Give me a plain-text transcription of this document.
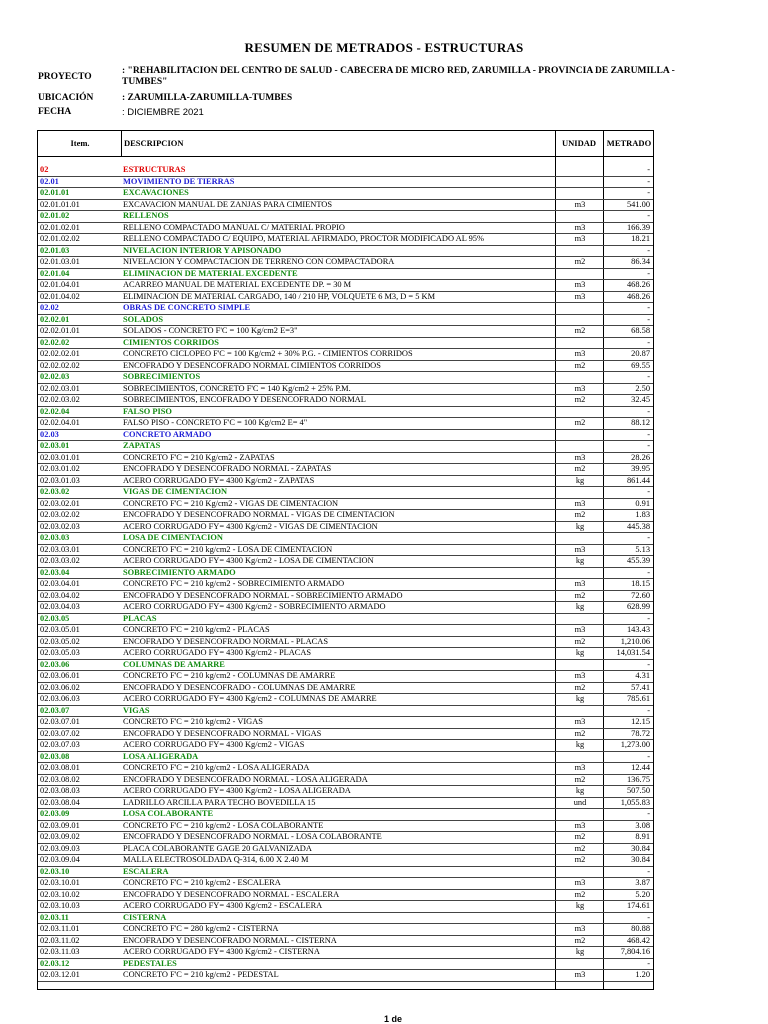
RESUMEN DE METRADOS - ESTRUCTURAS
PROYECTO
: "REHABILITACION DEL CENTRO DE SALUD - CABECERA DE MICRO RED, ZARUMILLA - PROVINCIA DE ZARUMILLA -
TUMBES"
UBICACIÓN	: ZARUMILLA-ZARUMILLA-TUMBES
FECHA	: DICIEMBRE 2021
Item.	DESCRIPCION	UNIDAD	METRADO
02	ESTRUCTURAS	-
02.01	MOVIMIENTO DE TIERRAS	-
02.01.01	EXCAVACIONES	-
02.01.01.01	EXCAVACION MANUAL DE ZANJAS PARA CIMIENTOS	m3	541.00
02.01.02	RELLENOS	-
02.01.02.01	RELLENO COMPACTADO MANUAL C/ MATERIAL PROPIO	m3	166.39
02.01.02.02	RELLENO COMPACTADO C/ EQUIPO, MATERIAL AFIRMADO, PROCTOR MODIFICADO AL 95%	m3	18.21
02.01.03	NIVELACION INTERIOR Y APISONADO	-
02.01.03.01	NIVELACION Y COMPACTACION DE TERRENO CON COMPACTADORA	m2	86.34
02.01.04	ELIMINACION DE MATERIAL EXCEDENTE	-
02.01.04.01	ACARREO MANUAL DE MATERIAL EXCEDENTE DP. = 30 M	m3	468.26
02.01.04.02	ELIMINACION DE MATERIAL CARGADO, 140 / 210 HP, VOLQUETE 6 M3, D = 5 KM	m3	468.26
02.02	OBRAS DE CONCRETO SIMPLE	-
02.02.01	SOLADOS	-
02.02.01.01	SOLADOS - CONCRETO F'C = 100 Kg/cm2 E=3"	m2	68.58
02.02.02	CIMIENTOS CORRIDOS	-
02.02.02.01	CONCRETO CICLOPEO F'C = 100 Kg/cm2 + 30% P.G. - CIMIENTOS CORRIDOS	m3	20.87
02.02.02.02	ENCOFRADO Y DESENCOFRADO NORMAL CIMIENTOS CORRIDOS	m2	69.55
02.02.03	SOBRECIMIENTOS	-
02.02.03.01	SOBRECIMIENTOS, CONCRETO F'C = 140 Kg/cm2 + 25% P.M.	m3	2.50
02.02.03.02	SOBRECIMIENTOS, ENCOFRADO Y DESENCOFRADO NORMAL	m2	32.45
02.02.04	FALSO PISO	-
02.02.04.01	FALSO PISO - CONCRETO F'C = 100 Kg/cm2 E= 4"	m2	88.12
02.03	CONCRETO ARMADO	-
02.03.01	ZAPATAS	-
02.03.01.01	CONCRETO F'C = 210 Kg/cm2 - ZAPATAS	m3	28.26
02.03.01.02	ENCOFRADO Y DESENCOFRADO NORMAL - ZAPATAS	m2	39.95
02.03.01.03	ACERO CORRUGADO FY= 4300 Kg/cm2 - ZAPATAS	kg	861.44
02.03.02	VIGAS DE CIMENTACION	-
02.03.02.01	CONCRETO F'C = 210 Kg/cm2 - VIGAS DE CIMENTACION	m3	0.91
02.03.02.02	ENCOFRADO Y DESENCOFRADO NORMAL - VIGAS DE CIMENTACION	m2	1.83
02.03.02.03	ACERO CORRUGADO FY= 4300 Kg/cm2 - VIGAS DE CIMENTACION	kg	445.38
02.03.03	LOSA DE CIMENTACION	-
02.03.03.01	CONCRETO F'C = 210 kg/cm2 - LOSA DE CIMENTACION	m3	5.13
02.03.03.02	ACERO CORRUGADO FY= 4300 Kg/cm2 - LOSA DE CIMENTACION	kg	455.39
02.03.04	SOBRECIMIENTO ARMADO	-
02.03.04.01	CONCRETO F'C = 210 kg/cm2 - SOBRECIMIENTO ARMADO	m3	18.15
02.03.04.02	ENCOFRADO Y DESENCOFRADO NORMAL - SOBRECIMIENTO ARMADO	m2	72.60
02.03.04.03	ACERO CORRUGADO FY= 4300 Kg/cm2 - SOBRECIMIENTO ARMADO	kg	628.99
02.03.05	PLACAS	-
02.03.05.01	CONCRETO F'C = 210 kg/cm2 - PLACAS	m3	143.43
02.03.05.02	ENCOFRADO Y DESENCOFRADO NORMAL - PLACAS	m2	1,210.06
02.03.05.03	ACERO CORRUGADO FY= 4300 Kg/cm2 - PLACAS	kg	14,031.54
02.03.06	COLUMNAS DE AMARRE	-
02.03.06.01	CONCRETO F'C = 210 kg/cm2 - COLUMNAS DE AMARRE	m3	4.31
02.03.06.02	ENCOFRADO Y DESENCOFRADO - COLUMNAS DE AMARRE	m2	57.41
02.03.06.03	ACERO CORRUGADO FY= 4300 Kg/cm2 - COLUMNAS DE AMARRE	kg	785.61
02.03.07	VIGAS	-
02.03.07.01	CONCRETO F'C = 210 kg/cm2 - VIGAS	m3	12.15
02.03.07.02	ENCOFRADO Y DESENCOFRADO NORMAL - VIGAS	m2	78.72
02.03.07.03	ACERO CORRUGADO FY= 4300 Kg/cm2 - VIGAS	kg	1,273.00
02.03.08	LOSA ALIGERADA	-
02.03.08.01	CONCRETO F'C = 210 kg/cm2 - LOSA ALIGERADA	m3	12.44
02.03.08.02	ENCOFRADO Y DESENCOFRADO NORMAL - LOSA ALIGERADA	m2	136.75
02.03.08.03	ACERO CORRUGADO FY= 4300 Kg/cm2 - LOSA ALIGERADA	kg	507.50
02.03.08.04	LADRILLO ARCILLA PARA TECHO BOVEDILLA 15	und	1,055.83
02.03.09	LOSA COLABORANTE	-
02.03.09.01	CONCRETO F'C = 210 kg/cm2 - LOSA COLABORANTE	m3	3.08
02.03.09.02	ENCOFRADO Y DESENCOFRADO NORMAL - LOSA COLABORANTE	m2	8.91
02.03.09.03	PLACA COLABORANTE GAGE 20 GALVANIZADA	m2	30.84
02.03.09.04	MALLA ELECTROSOLDADA Q-314, 6.00 X 2.40 M	m2	30.84
02.03.10	ESCALERA	-
02.03.10.01	CONCRETO F'C = 210 kg/cm2 - ESCALERA	m3	3.87
02.03.10.02	ENCOFRADO Y DESENCOFRADO NORMAL - ESCALERA	m2	5.20
02.03.10.03	ACERO CORRUGADO FY= 4300 Kg/cm2 - ESCALERA	kg	174.61
02.03.11	CISTERNA	-
02.03.11.01	CONCRETO F'C = 280 kg/cm2 - CISTERNA	m3	80.88
02.03.11.02	ENCOFRADO Y DESENCOFRADO NORMAL - CISTERNA	m2	468.42
02.03.11.03	ACERO CORRUGADO FY= 4300 Kg/cm2 - CISTERNA	kg	7,804.16
02.03.12	PEDESTALES	-
02.03.12.01	CONCRETO F'C = 210 kg/cm2 - PEDESTAL	m3	1.20
1 de
